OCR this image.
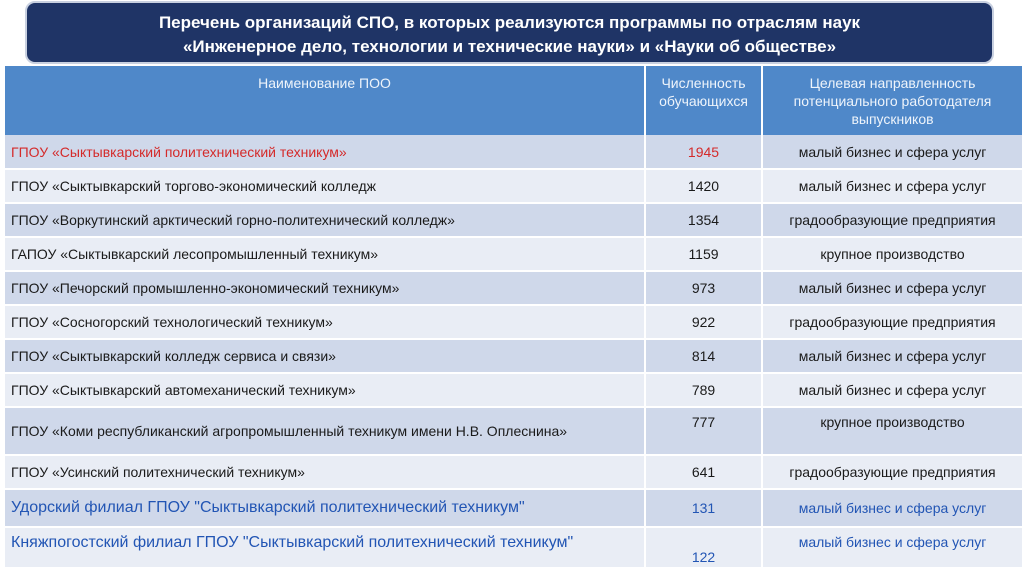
Перечень организаций СПО, в которых реализуются программы по отраслям наук
«Инженерное дело, технологии и технические науки» и «Науки об обществе»
Наименование ПОО	Численность обучающихся	Целевая направленность потенциального работодателя выпускников
ГПОУ «Сыктывкарский политехнический техникум»	1945	малый бизнес и сфера услуг
ГПОУ «Сыктывкарский торгово-экономический колледж	1420	малый бизнес и сфера услуг
ГПОУ «Воркутинский арктический горно-политехнический колледж»	1354	градообразующие предприятия
ГАПОУ «Сыктывкарский лесопромышленный техникум»	1159	крупное производство
ГПОУ «Печорский промышленно-экономический техникум»	973	малый бизнес и сфера услуг
ГПОУ «Сосногорский технологический техникум»	922	градообразующие предприятия
ГПОУ «Сыктывкарский колледж сервиса и связи»	814	малый бизнес и сфера услуг
ГПОУ «Сыктывкарский автомеханический техникум»	789	малый бизнес и сфера услуг
ГПОУ «Коми республиканский агропромышленный техникум имени Н.В. Оплеснина»	777	крупное производство
ГПОУ «Усинский политехнический техникум»	641	градообразующие предприятия
Удорский филиал ГПОУ "Сыктывкарский политехнический техникум"	131	малый бизнес и сфера услуг
Княжпогостский филиал ГПОУ "Сыктывкарский политехнический техникум"	122	малый бизнес и сфера услуг
